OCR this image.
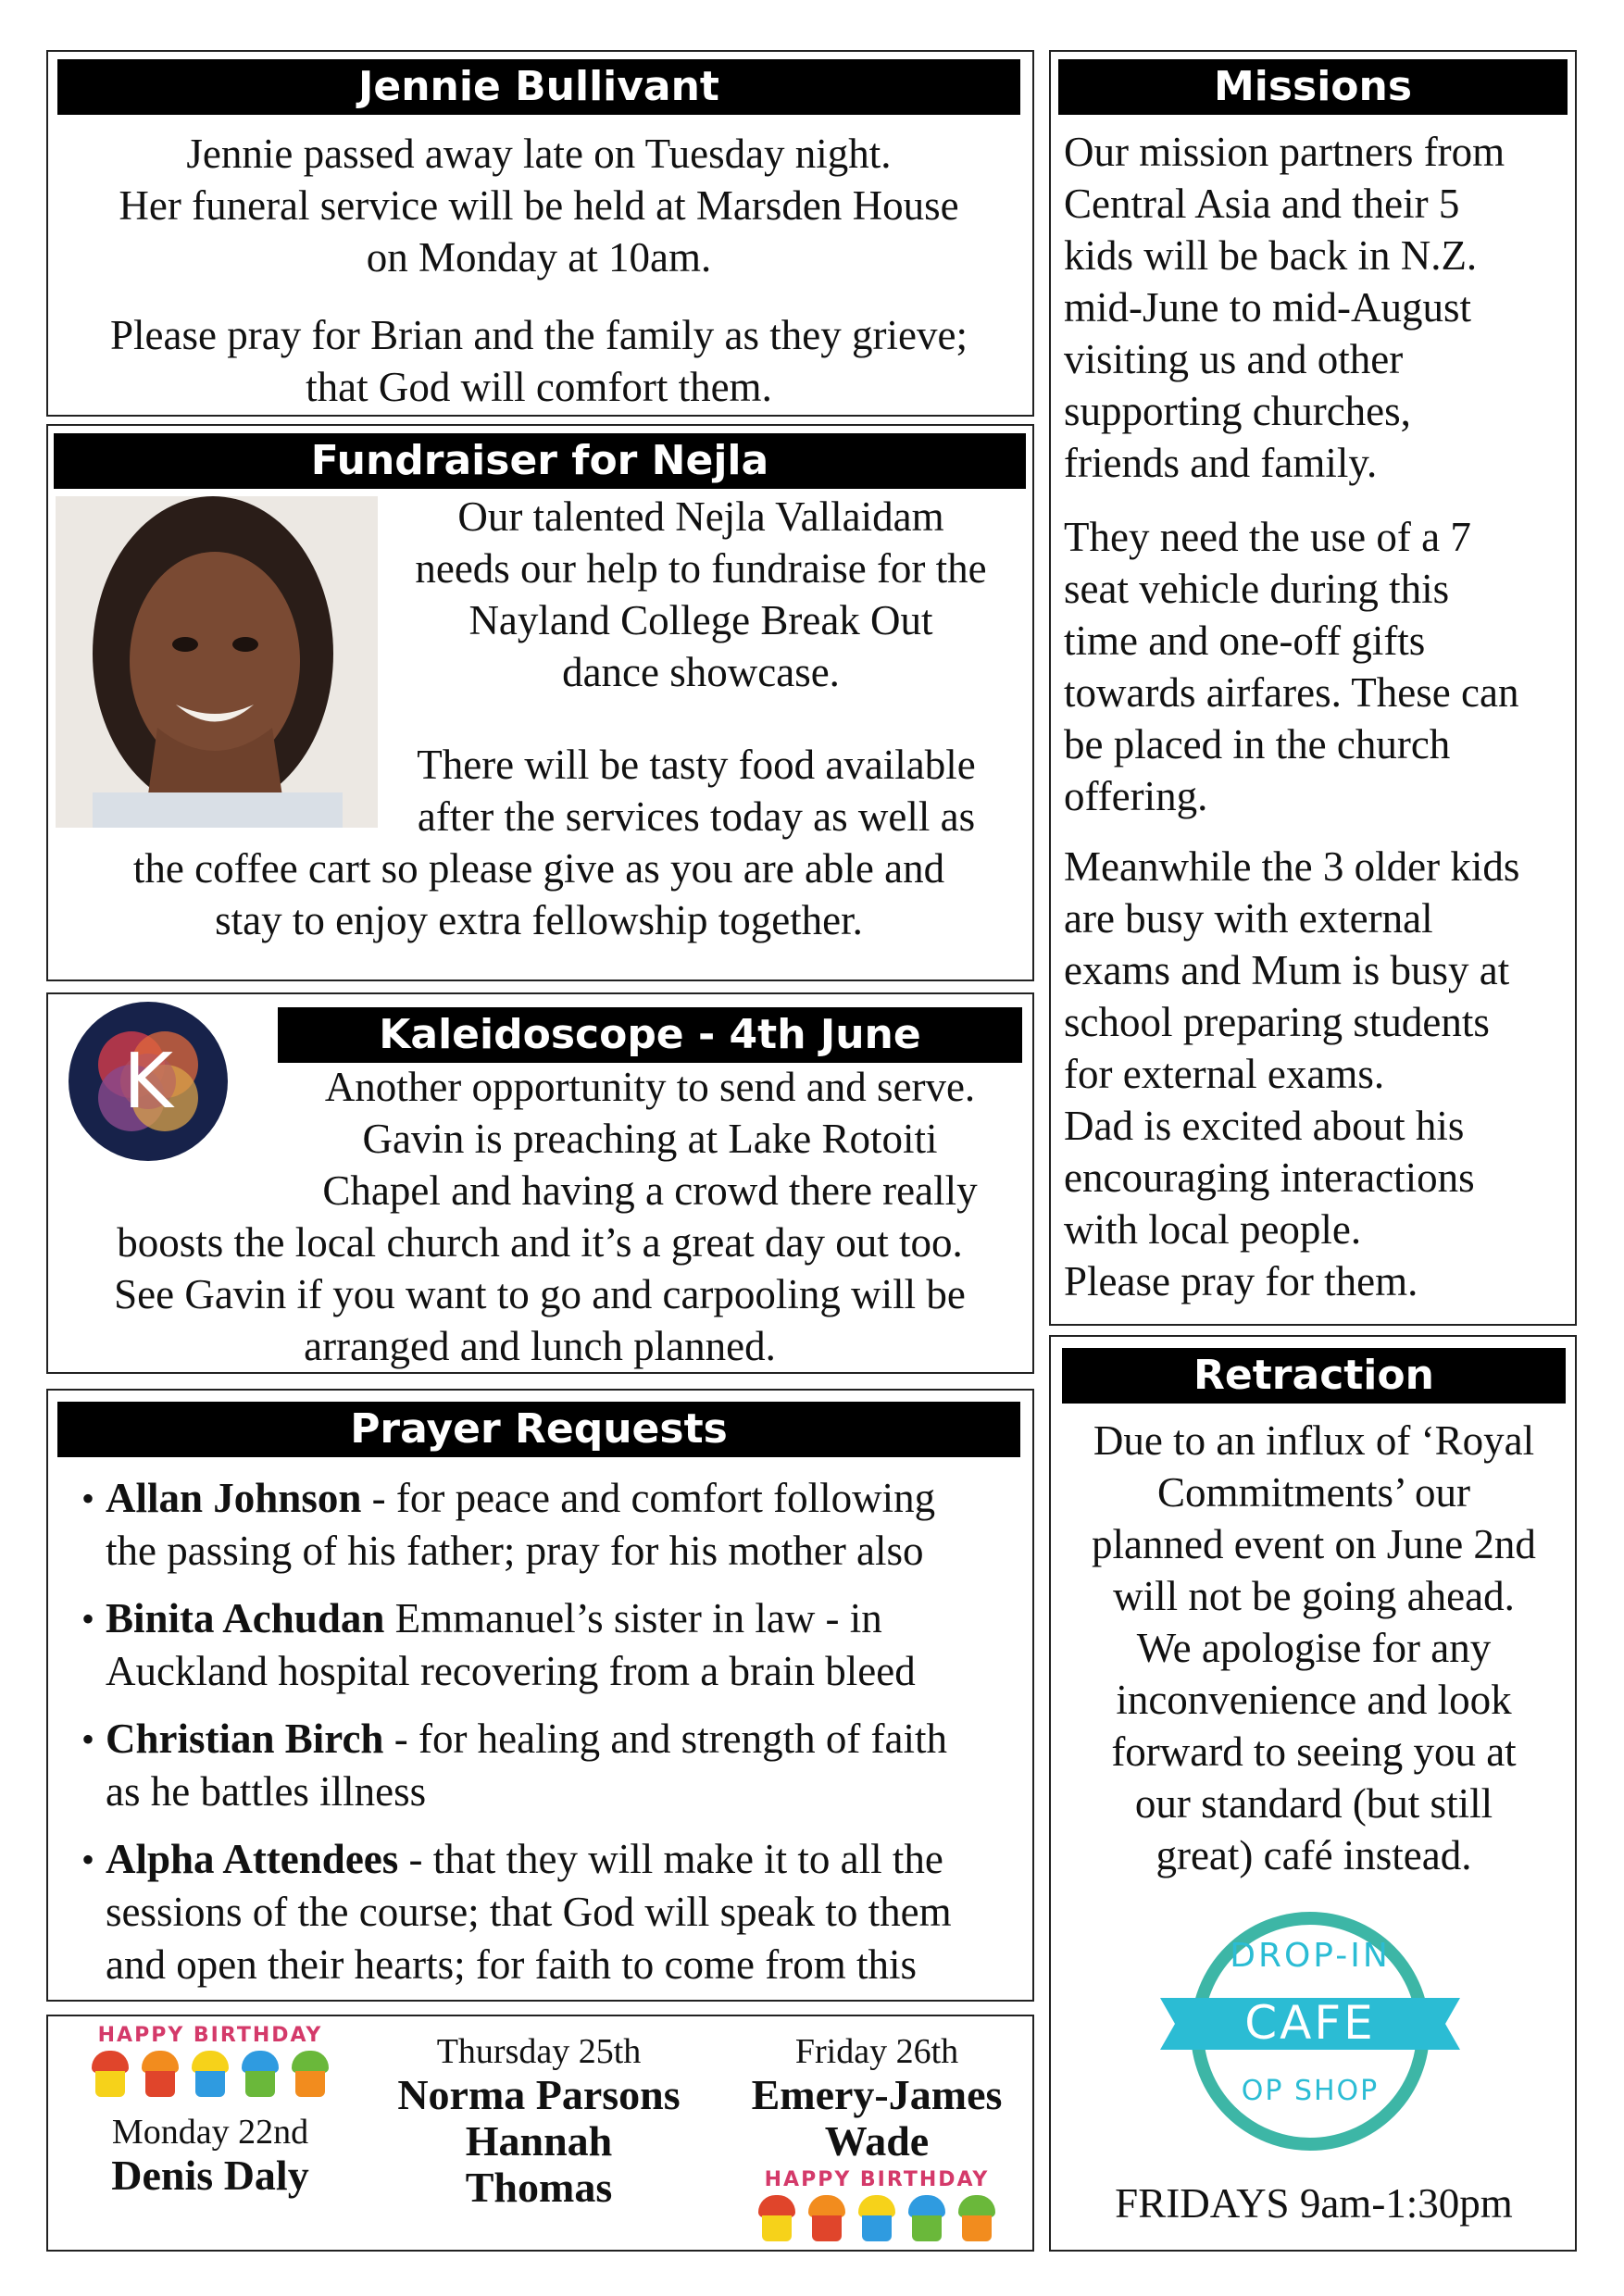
Jennie Bullivant

Jennie passed away late on Tuesday night.

Her funeral service will be held at Marsden House

on Monday at 10am.

Please pray for Brian and the family as they grieve;

that God will comfort them.

Fundraiser for Nejla

Our talented Nejla Vallaidam

needs our help to fundraise for the

Nayland College Break Out

dance showcase.

There will be tasty food available

after the services today as well as

the coffee cart so please give as you are able and

stay to enjoy extra fellowship together.

K
Kaleidoscope - 4th June

Another opportunity to send and serve.

Gavin is preaching at Lake Rotoiti

Chapel and having a crowd there really

boosts the local church and it’s a great day out too.

See Gavin if you want to go and carpooling will be

arranged and lunch planned.

Prayer Requests
• Allan Johnson - for peace and comfort following

the passing of his father; pray for his mother also

• Binita Achudan Emmanuel’s sister in law - in

Auckland hospital recovering from a brain bleed

• Christian Birch - for healing and strength of faith

as he battles illness

• Alpha Attendees - that they will make it to all the

sessions of the course; that God will speak to them

and open their hearts; for faith to come from this

HAPPY BIRTHDAY
Monday 22nd
Denis Daly
Thursday 25th
Norma Parsons
Hannah
Thomas
Friday 26th
Emery-James
Wade
HAPPY BIRTHDAY
Missions

Our mission partners from

Central Asia and their 5

kids will be back in N.Z.

mid-June to mid-August

visiting us and other

supporting churches,

friends and family.

They need the use of a 7

seat vehicle during this

time and one-off gifts

towards airfares. These can

be placed in the church

offering.

Meanwhile the 3 older kids

are busy with external

exams and Mum is busy at

school preparing students

for external exams.

Dad is excited about his

encouraging interactions

with local people.

Please pray for them.

Retraction

Due to an influx of ‘Royal

Commitments’ our

planned event on June 2nd

will not be going ahead.

We apologise for any

inconvenience and look

forward to seeing you at

our standard (but still

great) café instead.

DROP-IN
CAFE
OP SHOP
FRIDAYS 9am-1:30pm
